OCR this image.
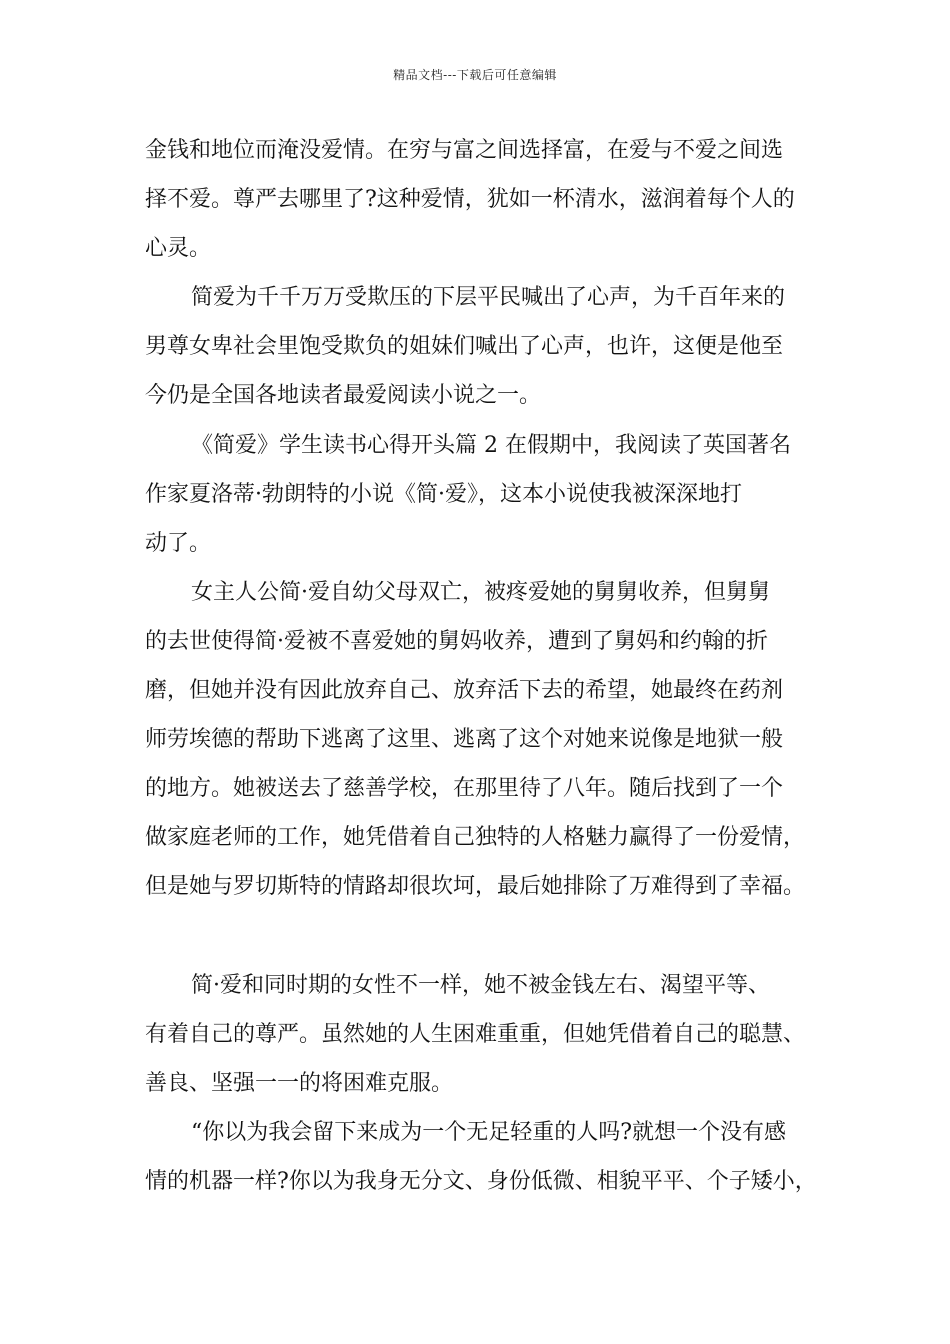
精品文档---下载后可任意编辑
金钱和地位而淹没爱情。在穷与富之间选择富，在爱与不爱之间选
择不爱。尊严去哪里了?这种爱情，犹如一杯清水，滋润着每个人的
心灵。
简爱为千千万万受欺压的下层平民喊出了心声，为千百年来的
男尊女卑社会里饱受欺负的姐妹们喊出了心声，也许，这便是他至
今仍是全国各地读者最爱阅读小说之一。
《简爱》学生读书心得开头篇 2 在假期中，我阅读了英国著名
作家夏洛蒂·勃朗特的小说《简·爱》，这本小说使我被深深地打
动了。
女主人公简·爱自幼父母双亡，被疼爱她的舅舅收养，但舅舅
的去世使得简·爱被不喜爱她的舅妈收养，遭到了舅妈和约翰的折
磨，但她并没有因此放弃自己、放弃活下去的希望，她最终在药剂
师劳埃德的帮助下逃离了这里、逃离了这个对她来说像是地狱一般
的地方。她被送去了慈善学校，在那里待了八年。随后找到了一个
做家庭老师的工作，她凭借着自己独特的人格魅力赢得了一份爱情，
但是她与罗切斯特的情路却很坎坷，最后她排除了万难得到了幸福。
简·爱和同时期的女性不一样，她不被金钱左右、渴望平等、
有着自己的尊严。虽然她的人生困难重重，但她凭借着自己的聪慧、
善良、坚强一一的将困难克服。
“你以为我会留下来成为一个无足轻重的人吗?就想一个没有感
情的机器一样?你以为我身无分文、身份低微、相貌平平、个子矮小，
